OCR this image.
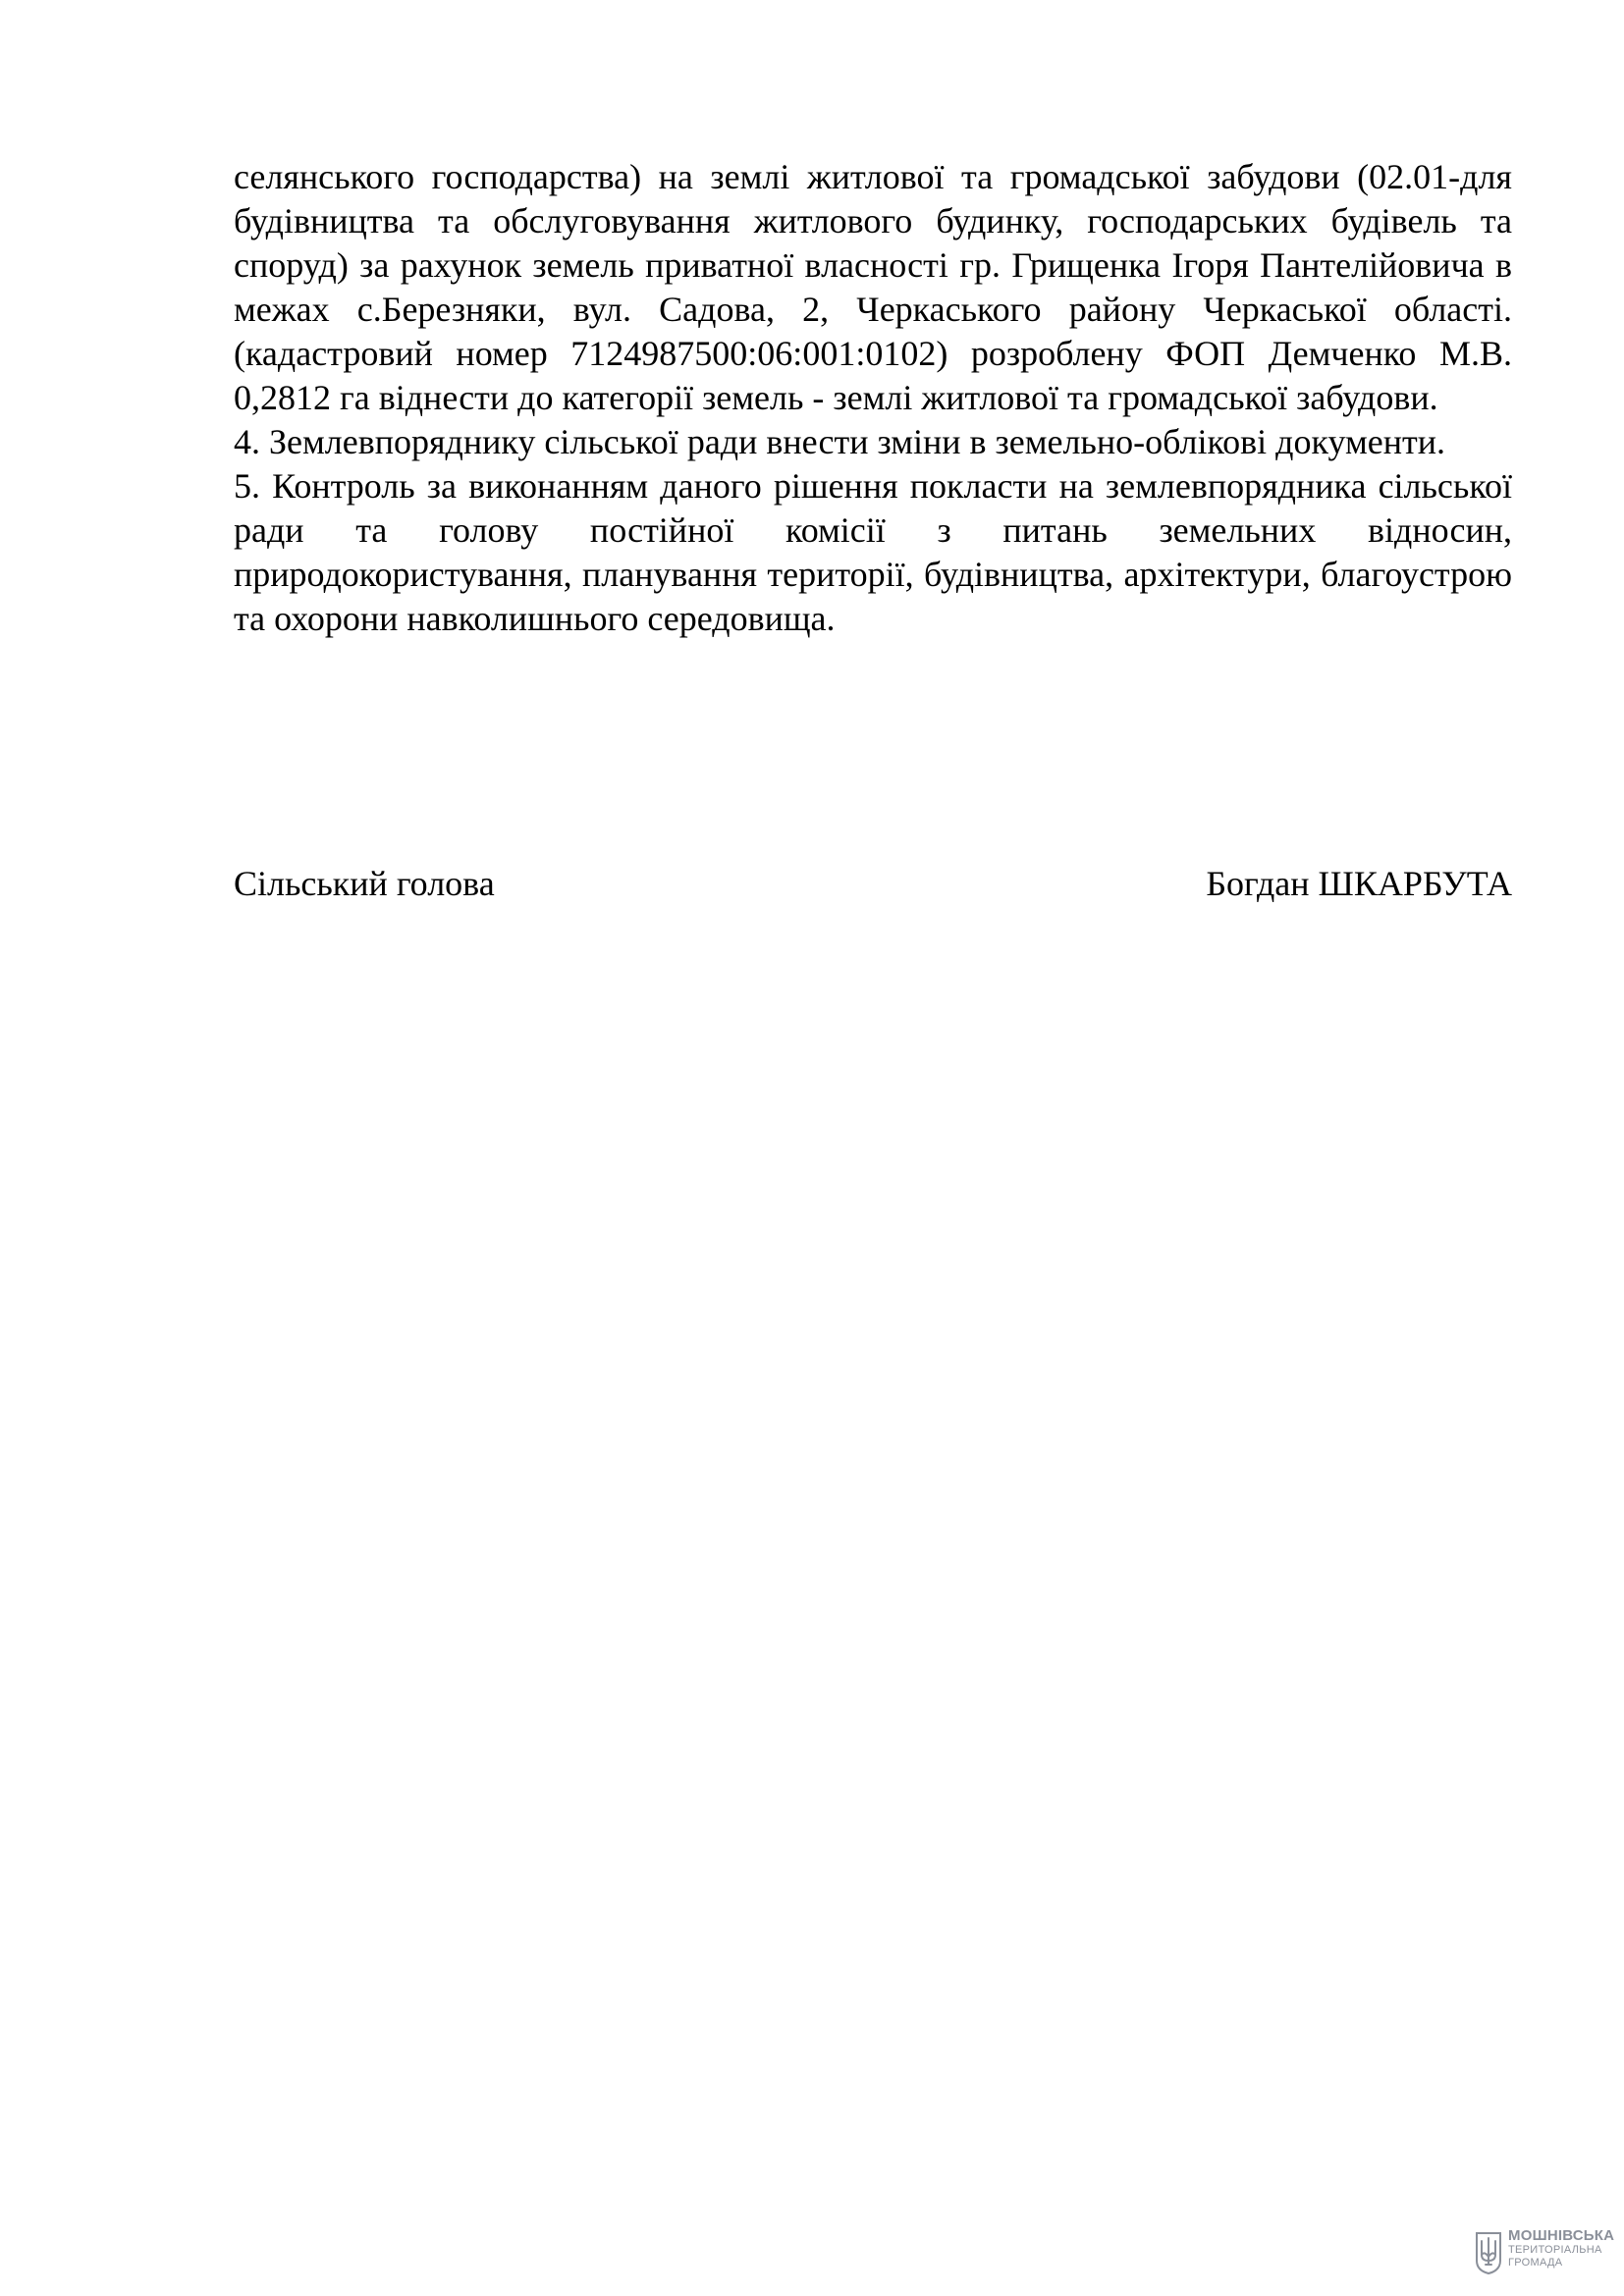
селянського господарства) на землі житлової та громадської забудови (02.01-для будівництва та обслуговування житлового будинку, господарських будівель та споруд) за рахунок земель приватної власності гр. Грищенка Ігоря Пантелійовича в межах с.Березняки, вул. Садова, 2, Черкаського району Черкаської області.(кадастровий номер 7124987500:06:001:0102) розроблену ФОП Демченко М.В. 0,2812 га віднести до категорії земель - землі житлової та громадської забудови.

4. Землевпоряднику сільської ради внести зміни в земельно-облікові документи.

5. Контроль за виконанням даного рішення покласти на землевпорядника сільської ради та голову постійної комісії з питань земельних відносин, природокористування, планування території, будівництва, архітектури, благоустрою та охорони навколишнього середовища.

Сільський голова	Богдан ШКАРБУТА
МОШНІВСЬКА
ТЕРИТОРІАЛЬНА
ГРОМАДА
